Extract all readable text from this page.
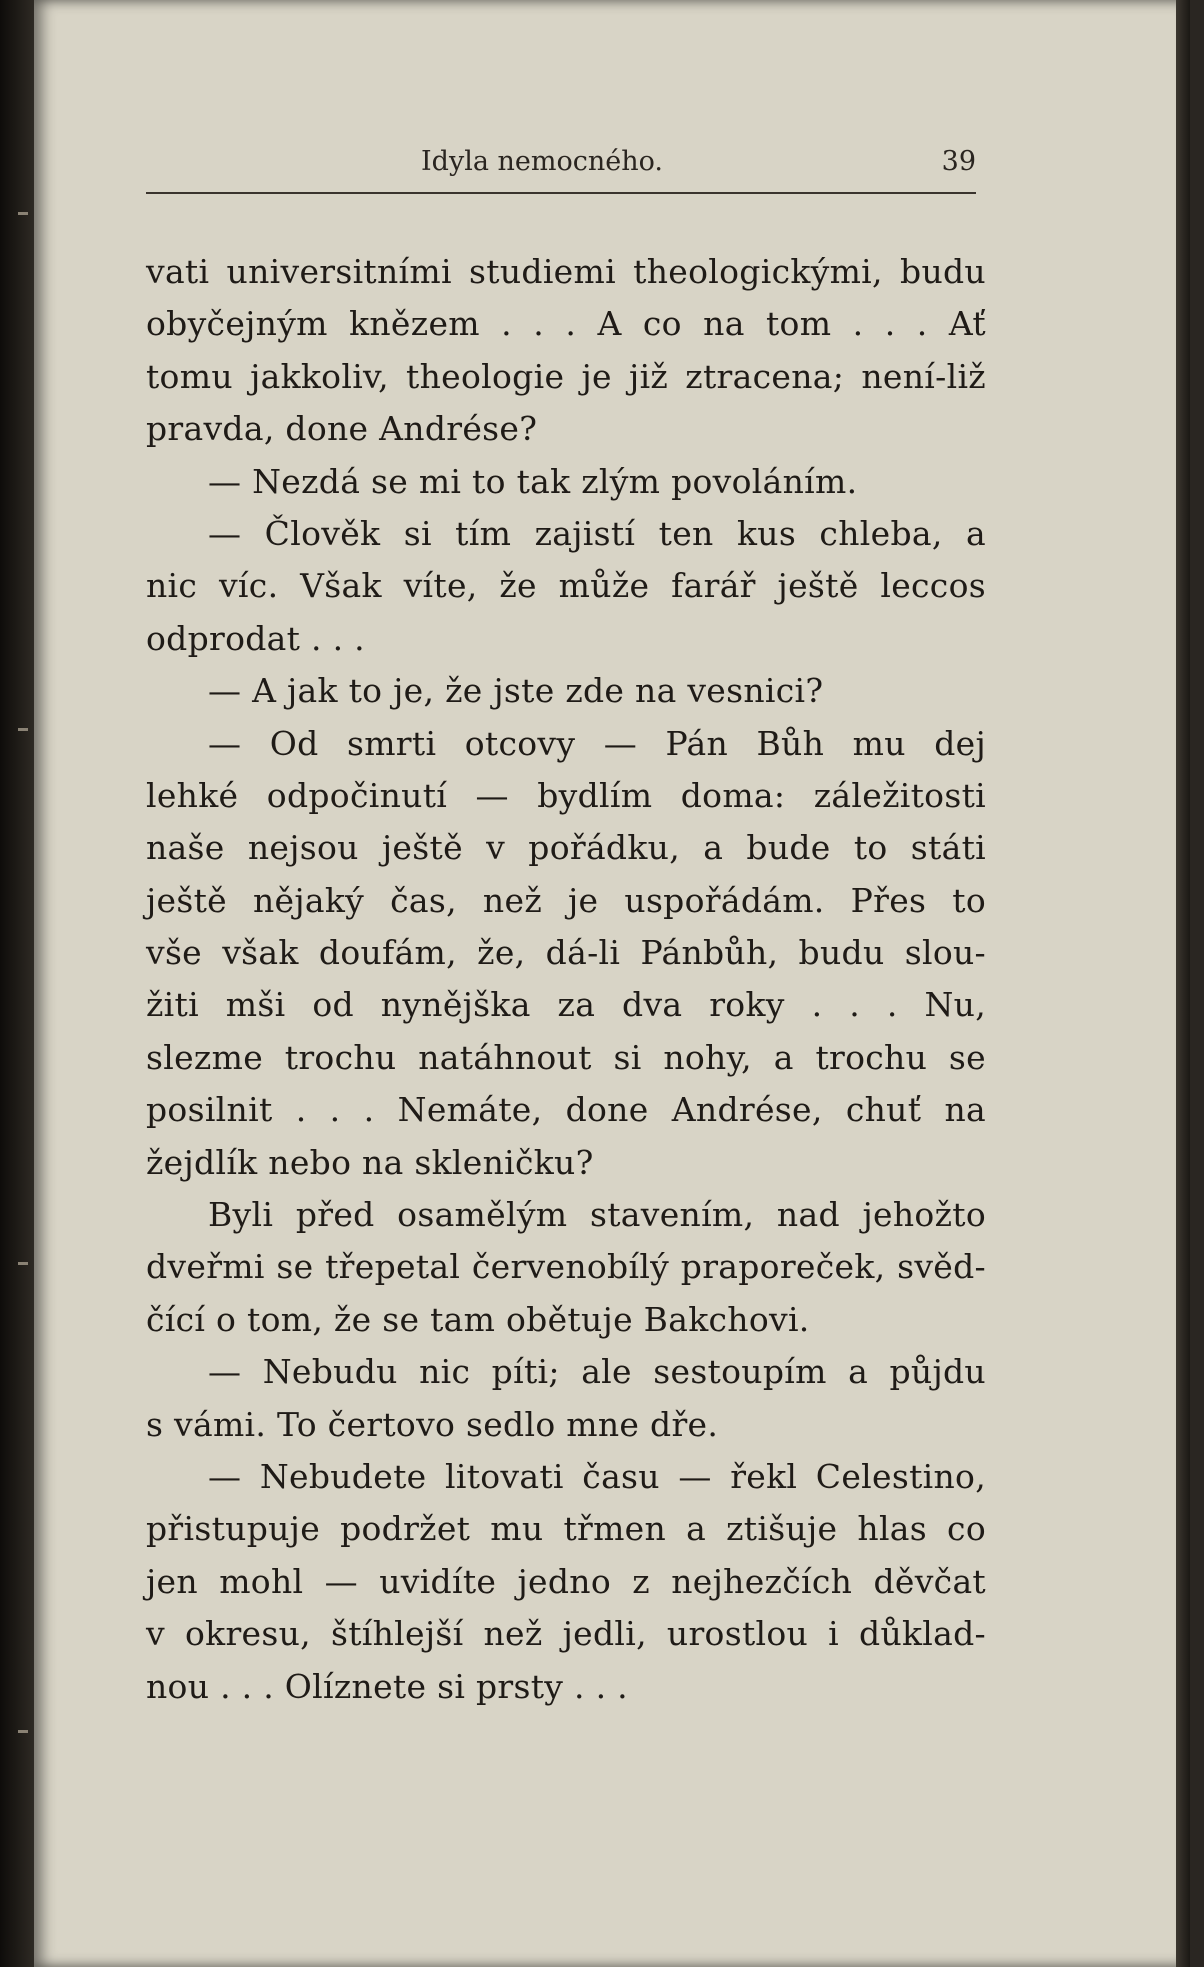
Idyla nemocného.	39
vati universitními studiemi theologickými, budu
obyčejným knězem . . . A co na tom . . . Ať
tomu jakkoliv, theologie je již ztracena; není-liž
pravda, done Andrése?
— Nezdá se mi to tak zlým povoláním.
— Člověk si tím zajistí ten kus chleba, a
nic víc. Však víte, že může farář ještě leccos
odprodat . . .
— A jak to je, že jste zde na vesnici?
— Od smrti otcovy — Pán Bůh mu dej
lehké odpočinutí — bydlím doma: záležitosti
naše nejsou ještě v pořádku, a bude to státi
ještě nějaký čas, než je uspořádám. Přes to
vše však doufám, že, dá-li Pánbůh, budu slou-
žiti mši od nynějška za dva roky . . . Nu,
slezme trochu natáhnout si nohy, a trochu se
posilnit . . . Nemáte, done Andrése, chuť na
žejdlík nebo na skleničku?
Byli před osamělým stavením, nad jehožto
dveřmi se třepetal červenobílý praporeček, svěd-
čící o tom, že se tam obětuje Bakchovi.
— Nebudu nic píti; ale sestoupím a půjdu
s vámi. To čertovo sedlo mne dře.
— Nebudete litovati času — řekl Celestino,
přistupuje podržet mu třmen a ztišuje hlas co
jen mohl — uvidíte jedno z nejhezčích děvčat
v okresu, štíhlejší než jedli, urostlou i důklad-
nou . . . Olíznete si prsty . . .
